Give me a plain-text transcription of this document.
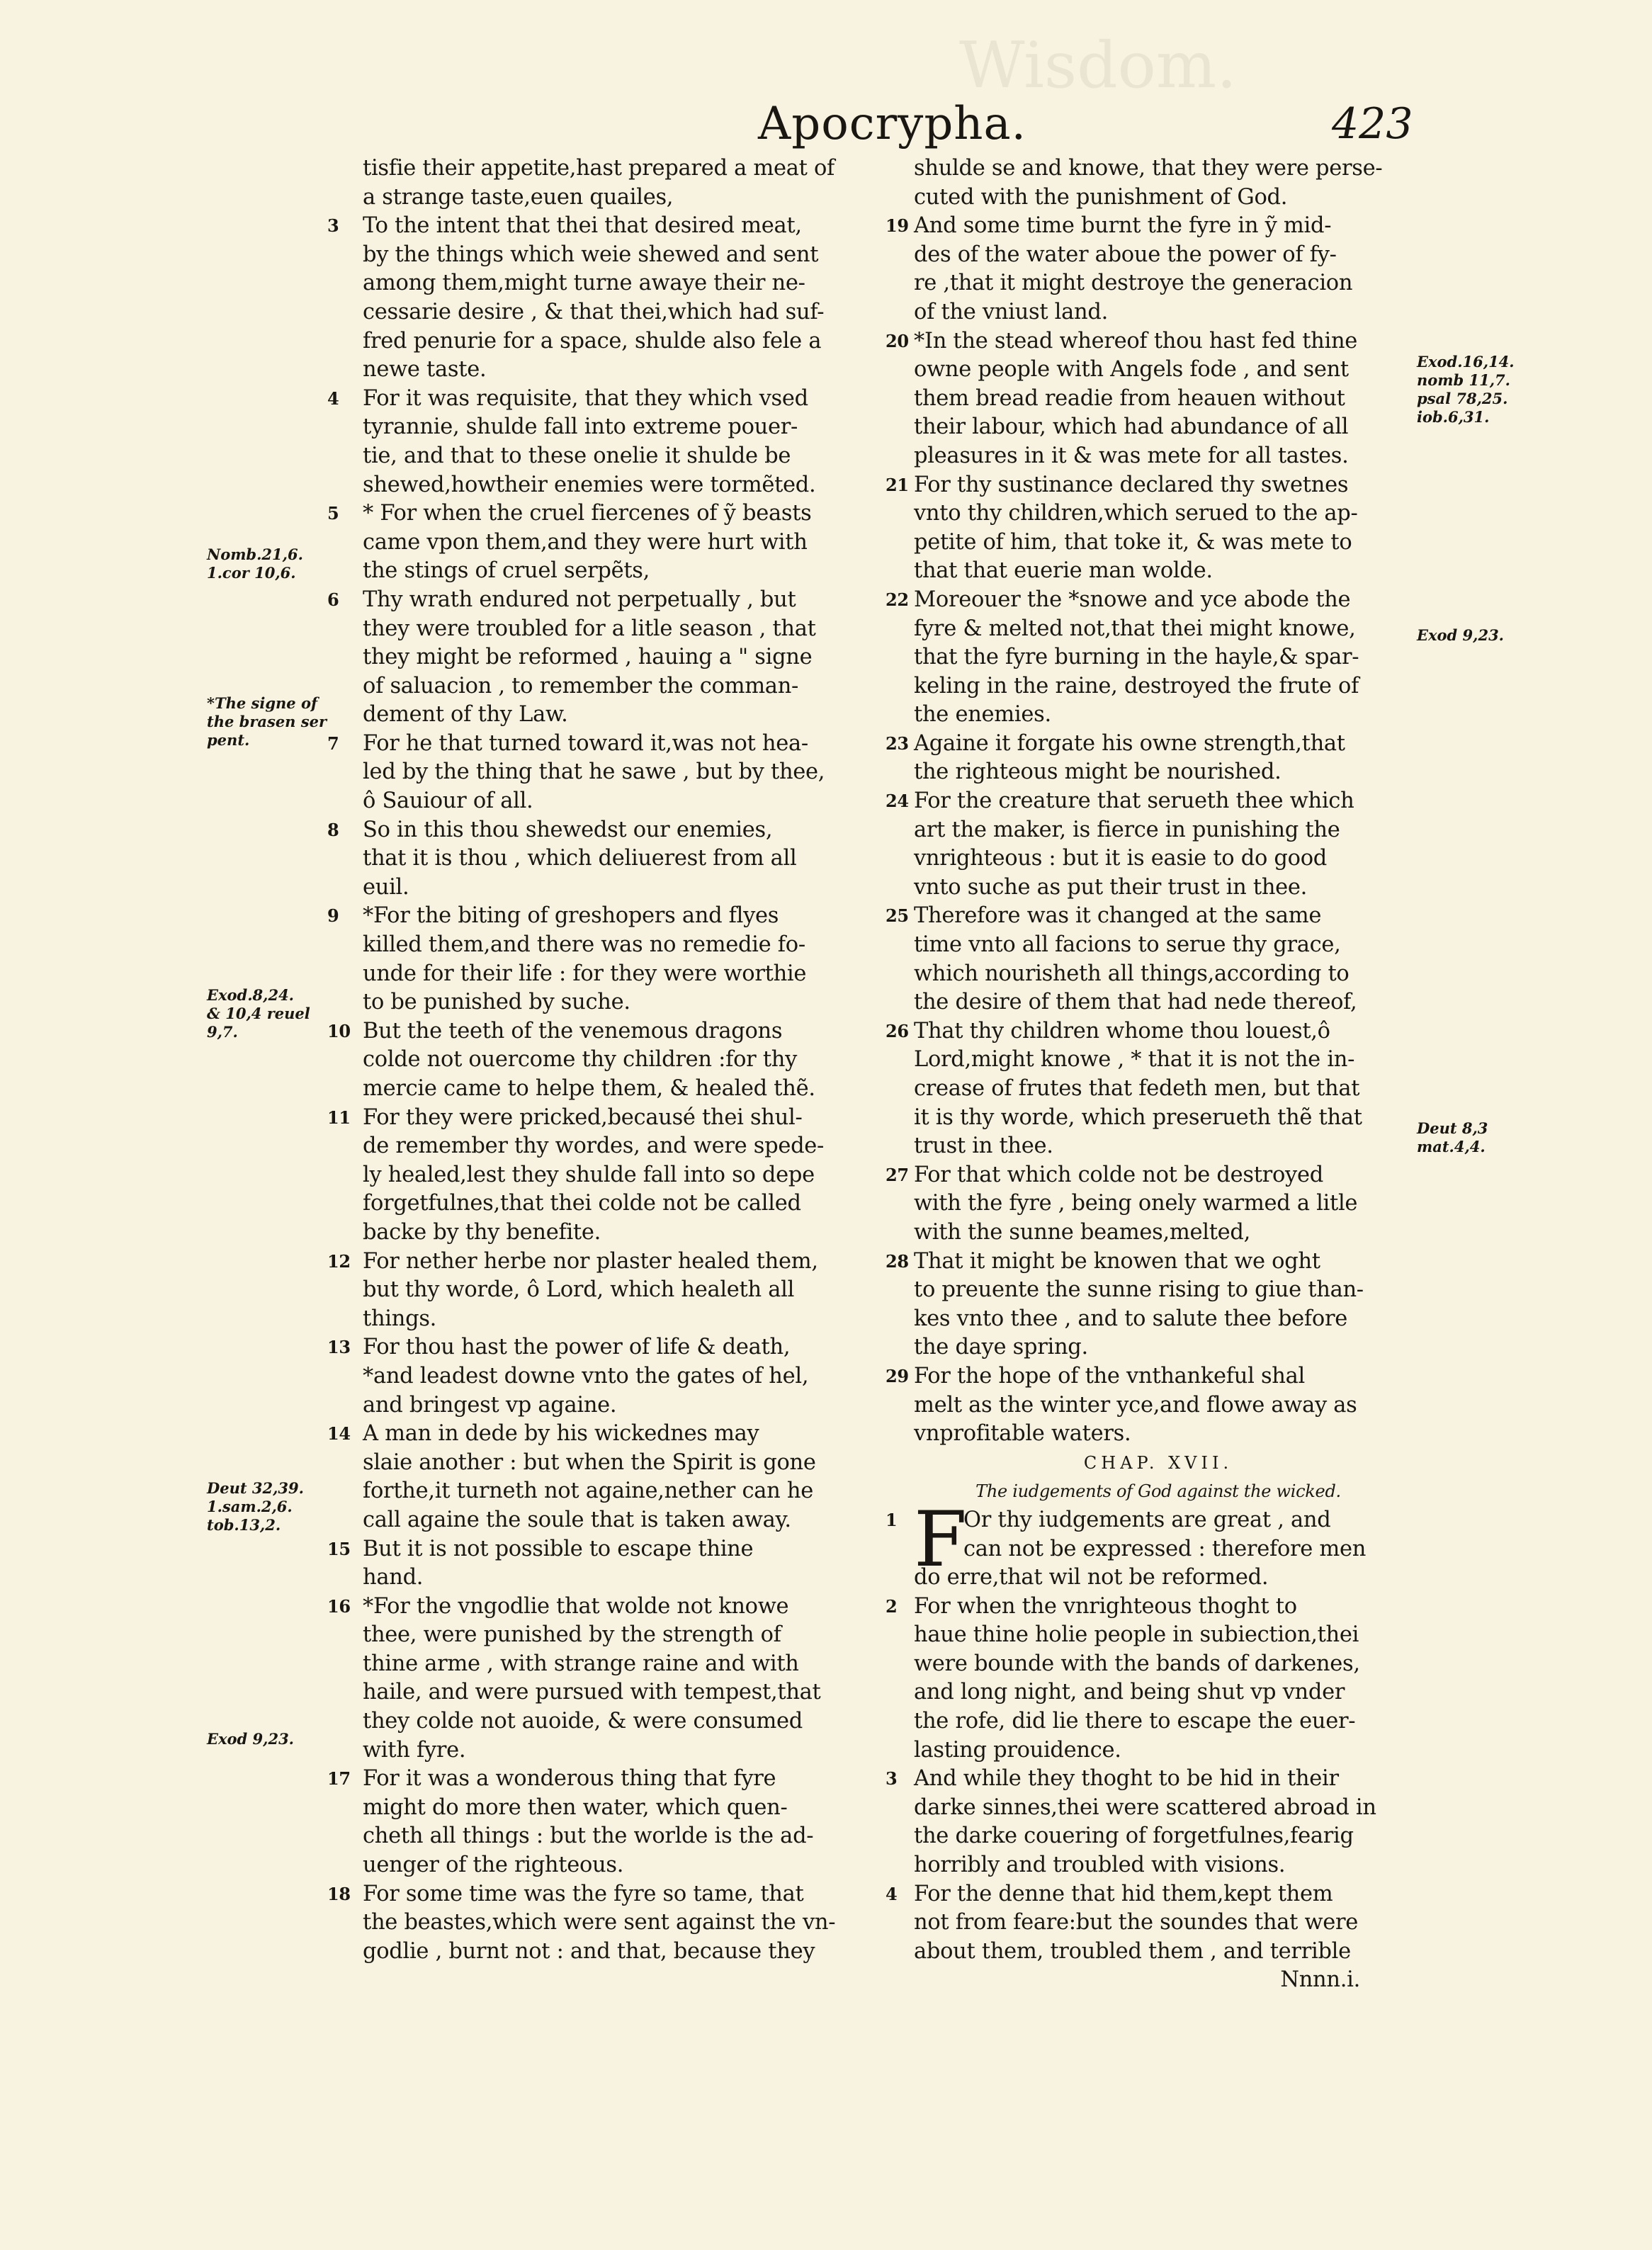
Wisdom.
Apocrypha.	423
tisfie their appetite,hast prepared a meat of
a strange taste,euen quailes,
3 To the intent that thei that desired meat,
by the things which weie shewed and sent
among them,might turne awaye their ne-
cessarie desire , & that thei,which had suf-
fred penurie for a space, shulde also fele a
newe taste.
4 For it was requisite, that they which vsed
tyrannie, shulde fall into extreme pouer-
tie, and that to these onelie it shulde be
shewed,howtheir enemies were tormẽted.
5 * For when the cruel fiercenes of ỹ beasts
came vpon them,and they were hurt with
the stings of cruel serpẽts,
6 Thy wrath endured not perpetually , but
they were troubled for a litle season , that
they might be reformed , hauing a " signe
of saluacion , to remember the comman-
dement of thy Law.
7 For he that turned toward it,was not hea-
led by the thing that he sawe , but by thee,
ô Sauiour of all.
8 So in this thou shewedst our enemies,
that it is thou , which deliuerest from all
euil.
9 *For the biting of greshopers and flyes
killed them,and there was no remedie fo-
unde for their life : for they were worthie
to be punished by suche.
10 But the teeth of the venemous dragons
colde not ouercome thy children :for thy
mercie came to helpe them, & healed thẽ.
11 For they were pricked,becausé thei shul-
de remember thy wordes, and were spede-
ly healed,lest they shulde fall into so depe
forgetfulnes,that thei colde not be called
backe by thy benefite.
12 For nether herbe nor plaster healed them,
but thy worde, ô Lord, which healeth all
things.
13 For thou hast the power of life & death,
*and leadest downe vnto the gates of hel,
and bringest vp againe.
14 A man in dede by his wickednes may
slaie another : but when the Spirit is gone
forthe,it turneth not againe,nether can he
call againe the soule that is taken away.
15 But it is not possible to escape thine
hand.
16 *For the vngodlie that wolde not knowe
thee, were punished by the strength of
thine arme , with strange raine and with
haile, and were pursued with tempest,that
they colde not auoide, & were consumed
with fyre.
17 For it was a wonderous thing that fyre
might do more then water, which quen-
cheth all things : but the worlde is the ad-
uenger of the righteous.
18 For some time was the fyre so tame, that
the beastes,which were sent against the vn-
godlie , burnt not : and that, because they
shulde se and knowe, that they were perse-
cuted with the punishment of God.
19 And some time burnt the fyre in ỹ mid-
des of the water aboue the power of fy-
re ,that it might destroye the generacion
of the vniust land.
20 *In the stead whereof thou hast fed thine
owne people with Angels fode , and sent
them bread readie from heauen without
their labour, which had abundance of all
pleasures in it & was mete for all tastes.
21 For thy sustinance declared thy swetnes
vnto thy children,which serued to the ap-
petite of him, that toke it, & was mete to
that that euerie man wolde.
22 Moreouer the *snowe and yce abode the
fyre & melted not,that thei might knowe,
that the fyre burning in the hayle,& spar-
keling in the raine, destroyed the frute of
the enemies.
23 Againe it forgate his owne strength,that
the righteous might be nourished.
24 For the creature that serueth thee which
art the maker, is fierce in punishing the
vnrighteous : but it is easie to do good
vnto suche as put their trust in thee.
25 Therefore was it changed at the same
time vnto all facions to serue thy grace,
which nourisheth all things,according to
the desire of them that had nede thereof,
26 That thy children whome thou louest,ô
Lord,might knowe , * that it is not the in-
crease of frutes that fedeth men, but that
it is thy worde, which preserueth thẽ that
trust in thee.
27 For that which colde not be destroyed
with the fyre , being onely warmed a litle
with the sunne beames,melted,
28 That it might be knowen that we oght
to preuente the sunne rising to giue than-
kes vnto thee , and to salute thee before
the daye spring.
29 For the hope of the vnthankeful shal
melt as the winter yce,and flowe away as
vnprofitable waters.
CHAP. XVII.
The iudgements of God against the wicked.
1	Or thy iudgements are great , and
F
can not be expressed : therefore men
do erre,that wil not be reformed.
2 For when the vnrighteous thoght to
haue thine holie people in subiection,thei
were bounde with the bands of darkenes,
and long night, and being shut vp vnder
the rofe, did lie there to escape the euer-
lasting prouidence.
3 And while they thoght to be hid in their
darke sinnes,thei were scattered abroad in
the darke couering of forgetfulnes,fearig
horribly and troubled with visions.
4 For the denne that hid them,kept them
not from feare:but the soundes that were
about them, troubled them , and terrible
Nnnn.i.
Nomb.21,6.
1.cor 10,6.
*The signe of
the brasen ser
pent.
Exod.8,24.
& 10,4 reuel
9,7.
Deut 32,39.
1.sam.2,6.
tob.13,2.
Exod 9,23.
Exod.16,14.
nomb 11,7.
psal 78,25.
iob.6,31.
Exod 9,23.
Deut 8,3
mat.4,4.
